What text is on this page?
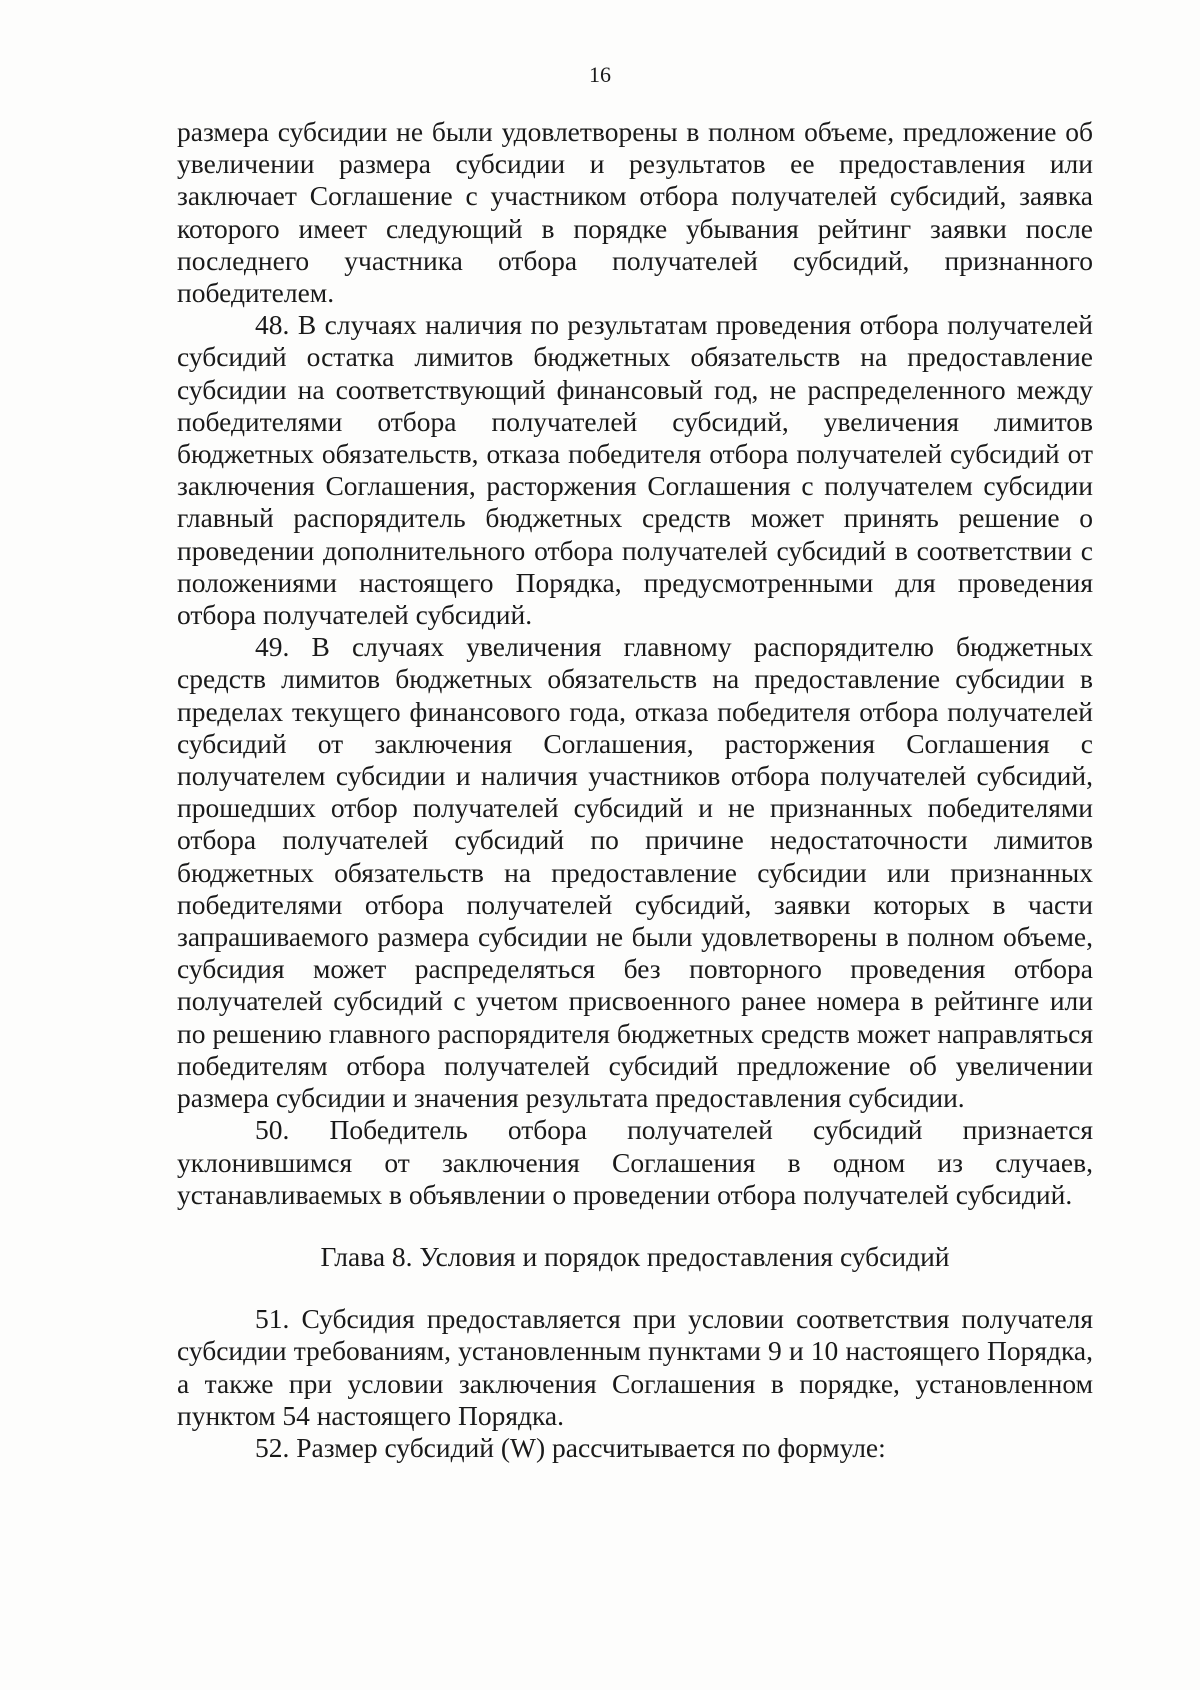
16

размера субсидии не были удовлетворены в полном объеме, предложение об увеличении размера субсидии и результатов ее предоставления или заключает Соглашение с участником отбора получателей субсидий, заявка которого имеет следующий в порядке убывания рейтинг заявки после последнего участника отбора получателей субсидий, признанного победителем.

48. В случаях наличия по результатам проведения отбора получателей субсидий остатка лимитов бюджетных обязательств на предоставление субсидии на соответствующий финансовый год, не распределенного между победителями отбора получателей субсидий, увеличения лимитов бюджетных обязательств, отказа победителя отбора получателей субсидий от заключения Соглашения, расторжения Соглашения с получателем субсидии главный распорядитель бюджетных средств может принять решение о проведении дополнительного отбора получателей субсидий в соответствии с положениями настоящего Порядка, предусмотренными для проведения отбора получателей субсидий.

49. В случаях увеличения главному распорядителю бюджетных средств лимитов бюджетных обязательств на предоставление субсидии в пределах текущего финансового года, отказа победителя отбора получателей субсидий от заключения Соглашения, расторжения Соглашения с получателем субсидии и наличия участников отбора получателей субсидий, прошедших отбор получателей субсидий и не признанных победителями отбора получателей субсидий по причине недостаточности лимитов бюджетных обязательств на предоставление субсидии или признанных победителями отбора получателей субсидий, заявки которых в части запрашиваемого размера субсидии не были удовлетворены в полном объеме, субсидия может распределяться без повторного проведения отбора получателей субсидий с учетом присвоенного ранее номера в рейтинге или по решению главного распорядителя бюджетных средств может направляться победителям отбора получателей субсидий предложение об увеличении размера субсидии и значения результата предоставления субсидии.

50. Победитель отбора получателей субсидий признается уклонившимся от заключения Соглашения в одном из случаев, устанавливаемых в объявлении о проведении отбора получателей субсидий.

Глава 8. Условия и порядок предоставления субсидий

51. Субсидия предоставляется при условии соответствия получателя субсидии требованиям, установленным пунктами 9 и 10 настоящего Порядка, а также при условии заключения Соглашения в порядке, установленном пунктом 54 настоящего Порядка.

52. Размер субсидий (W) рассчитывается по формуле:
